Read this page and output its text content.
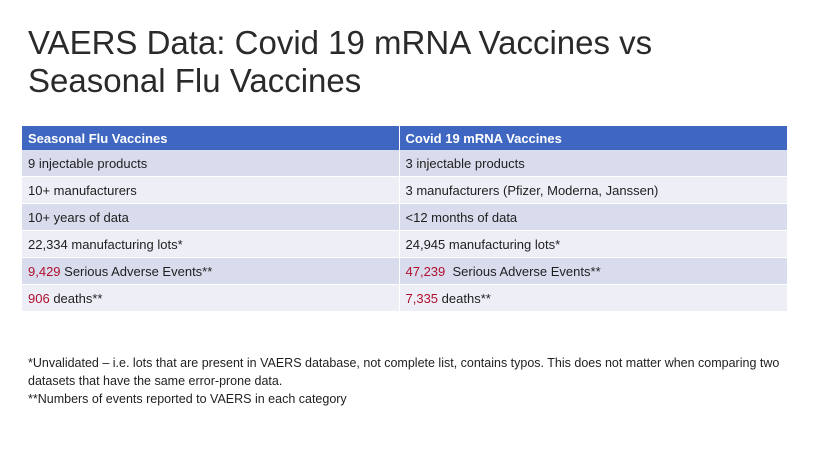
VAERS Data: Covid 19 mRNA Vaccines vs Seasonal Flu Vaccines
Seasonal Flu Vaccines	Covid 19 mRNA Vaccines
9 injectable products	3 injectable products
10+ manufacturers	3 manufacturers (Pfizer, Moderna, Janssen)
10+ years of data	<12 months of data
22,334 manufacturing lots*	24,945 manufacturing lots*
9,429 Serious Adverse Events**	47,239  Serious Adverse Events**
906 deaths**	7,335 deaths**

*Unvalidated – i.e. lots that are present in VAERS database, not complete list, contains typos. This does not matter when comparing two datasets that have the same error-prone data.

**Numbers of events reported to VAERS in each category
